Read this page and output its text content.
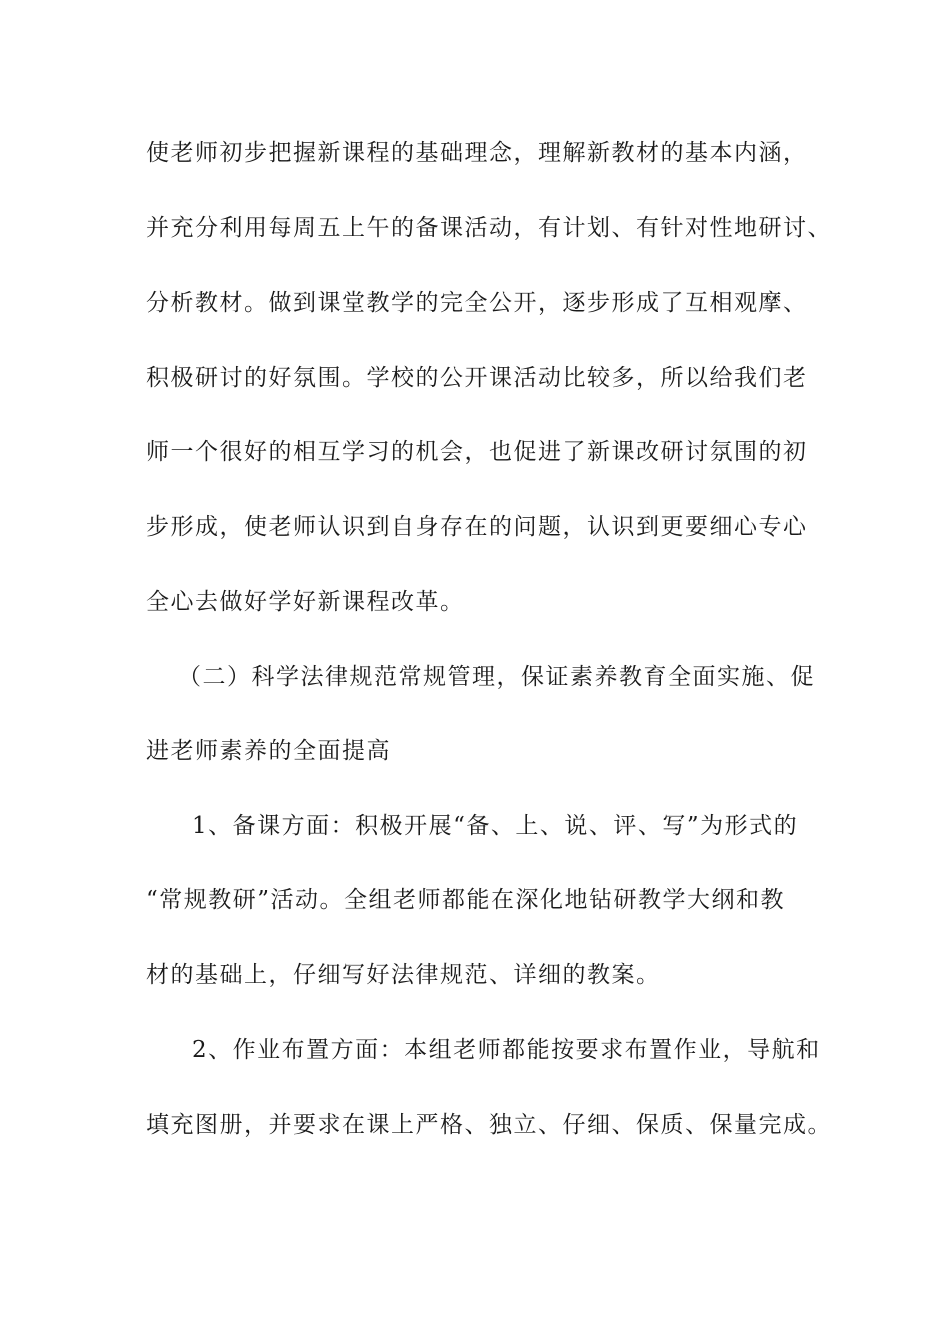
使老师初步把握新课程的基础理念，理解新教材的基本内涵，
并充分利用每周五上午的备课活动，有计划、有针对性地研讨、
分析教材。做到课堂教学的完全公开，逐步形成了互相观摩、
积极研讨的好氛围。学校的公开课活动比较多，所以给我们老
师一个很好的相互学习的机会，也促进了新课改研讨氛围的初
步形成，使老师认识到自身存在的问题，认识到更要细心专心
全心去做好学好新课程改革。
（二）科学法律规范常规管理，保证素养教育全面实施、促
进老师素养的全面提高
1、备课方面：积极开展“备、上、说、评、写”为形式的
“常规教研”活动。全组老师都能在深化地钻研教学大纲和教
材的基础上，仔细写好法律规范、详细的教案。
2、作业布置方面：本组老师都能按要求布置作业，导航和
填充图册，并要求在课上严格、独立、仔细、保质、保量完成。
